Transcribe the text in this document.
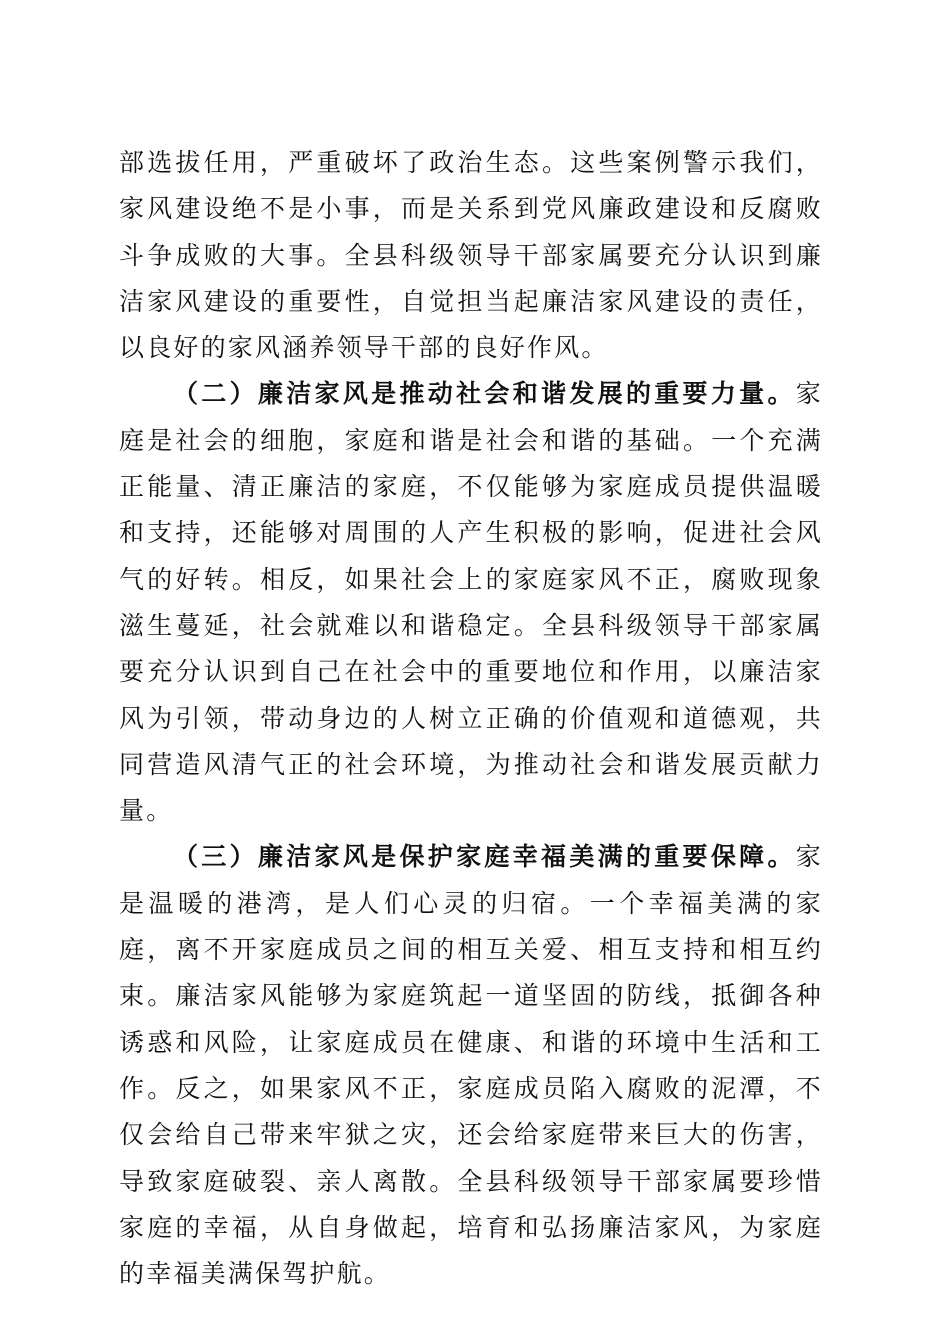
部选拔任用，严重破坏了政治生态。这些案例警示我们，家风建设绝不是小事，而是关系到党风廉政建设和反腐败斗争成败的大事。全县科级领导干部家属要充分认识到廉洁家风建设的重要性，自觉担当起廉洁家风建设的责任，以良好的家风涵养领导干部的良好作风。

（二）廉洁家风是推动社会和谐发展的重要力量。家庭是社会的细胞，家庭和谐是社会和谐的基础。一个充满正能量、清正廉洁的家庭，不仅能够为家庭成员提供温暖和支持，还能够对周围的人产生积极的影响，促进社会风气的好转。相反，如果社会上的家庭家风不正，腐败现象滋生蔓延，社会就难以和谐稳定。全县科级领导干部家属要充分认识到自己在社会中的重要地位和作用，以廉洁家风为引领，带动身边的人树立正确的价值观和道德观，共同营造风清气正的社会环境，为推动社会和谐发展贡献力量。

（三）廉洁家风是保护家庭幸福美满的重要保障。家是温暖的港湾，是人们心灵的归宿。一个幸福美满的家庭，离不开家庭成员之间的相互关爱、相互支持和相互约束。廉洁家风能够为家庭筑起一道坚固的防线，抵御各种诱惑和风险，让家庭成员在健康、和谐的环境中生活和工作。反之，如果家风不正，家庭成员陷入腐败的泥潭，不仅会给自己带来牢狱之灾，还会给家庭带来巨大的伤害，导致家庭破裂、亲人离散。全县科级领导干部家属要珍惜家庭的幸福，从自身做起，培育和弘扬廉洁家风，为家庭的幸福美满保驾护航。
